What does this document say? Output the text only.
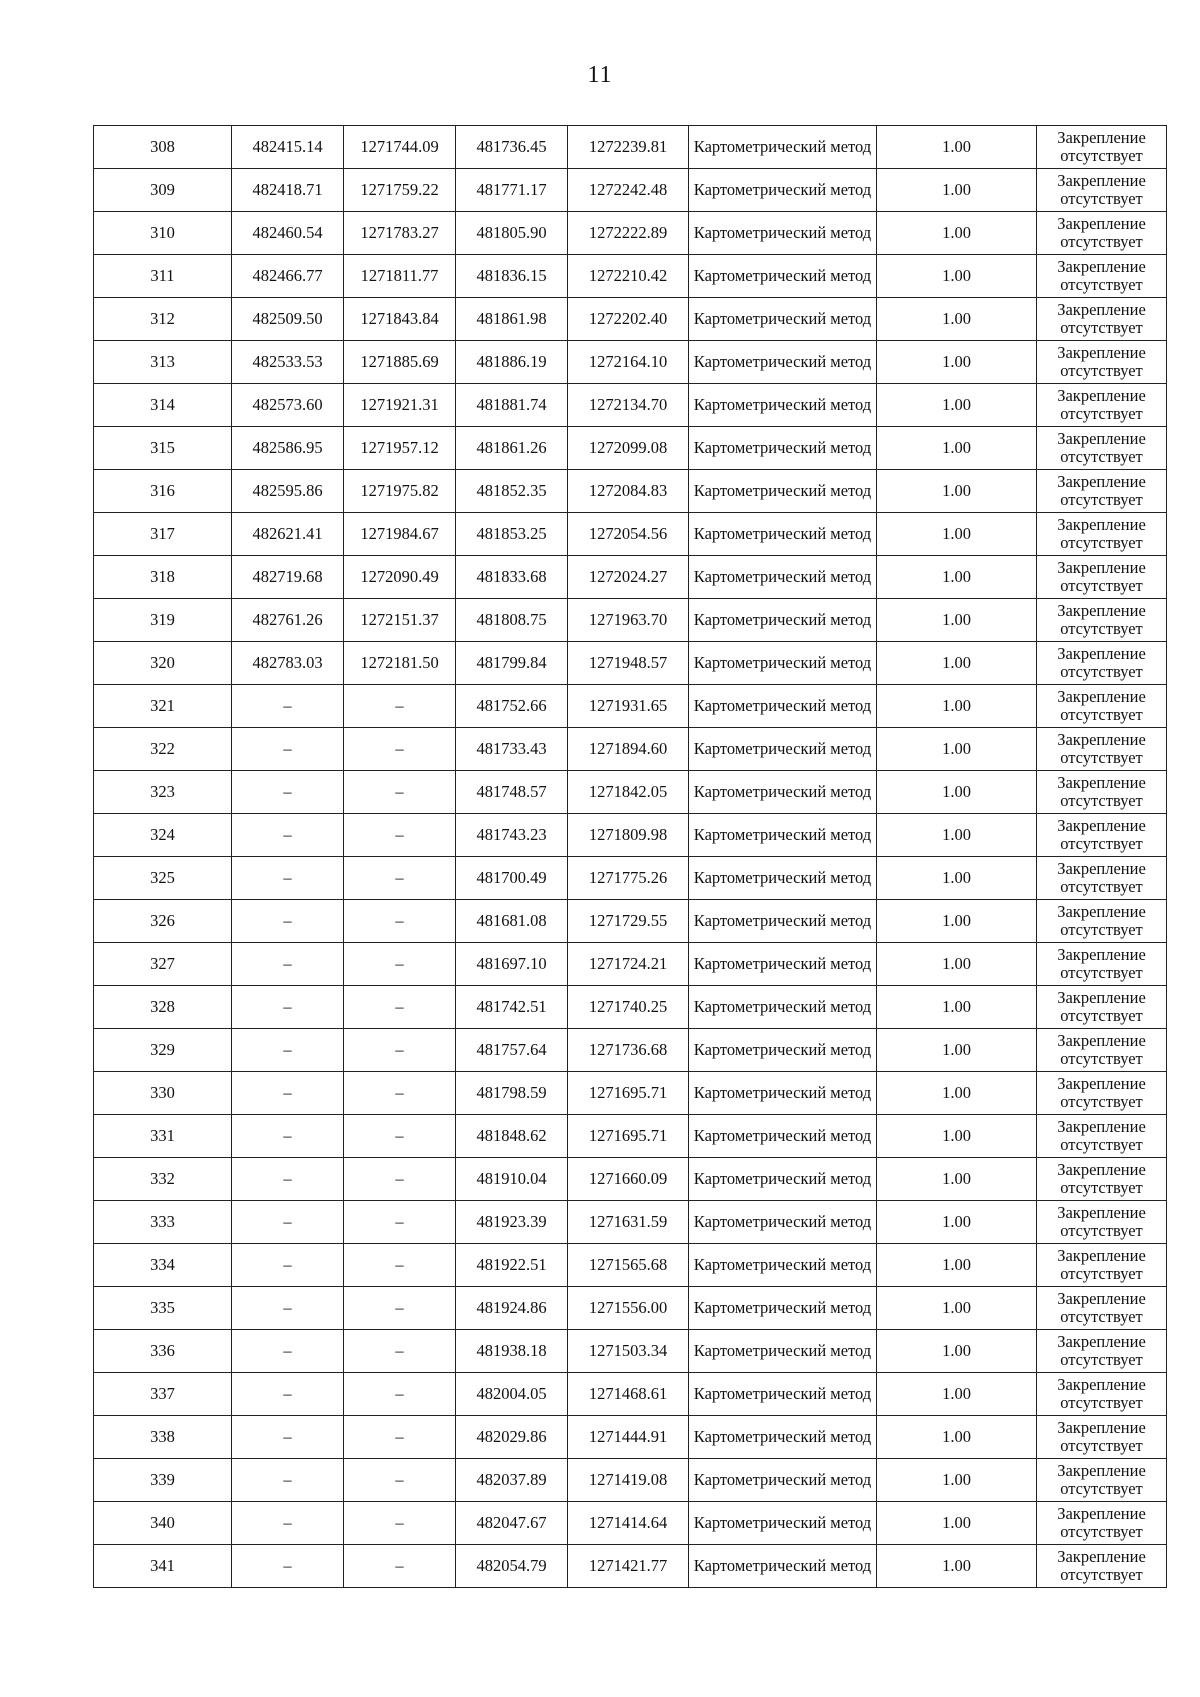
11
308	482415.14	1271744.09	481736.45	1272239.81	Картометрический метод	1.00	Закрепление отсутствует
309	482418.71	1271759.22	481771.17	1272242.48	Картометрический метод	1.00	Закрепление отсутствует
310	482460.54	1271783.27	481805.90	1272222.89	Картометрический метод	1.00	Закрепление отсутствует
311	482466.77	1271811.77	481836.15	1272210.42	Картометрический метод	1.00	Закрепление отсутствует
312	482509.50	1271843.84	481861.98	1272202.40	Картометрический метод	1.00	Закрепление отсутствует
313	482533.53	1271885.69	481886.19	1272164.10	Картометрический метод	1.00	Закрепление отсутствует
314	482573.60	1271921.31	481881.74	1272134.70	Картометрический метод	1.00	Закрепление отсутствует
315	482586.95	1271957.12	481861.26	1272099.08	Картометрический метод	1.00	Закрепление отсутствует
316	482595.86	1271975.82	481852.35	1272084.83	Картометрический метод	1.00	Закрепление отсутствует
317	482621.41	1271984.67	481853.25	1272054.56	Картометрический метод	1.00	Закрепление отсутствует
318	482719.68	1272090.49	481833.68	1272024.27	Картометрический метод	1.00	Закрепление отсутствует
319	482761.26	1272151.37	481808.75	1271963.70	Картометрический метод	1.00	Закрепление отсутствует
320	482783.03	1272181.50	481799.84	1271948.57	Картометрический метод	1.00	Закрепление отсутствует
321	–	–	481752.66	1271931.65	Картометрический метод	1.00	Закрепление отсутствует
322	–	–	481733.43	1271894.60	Картометрический метод	1.00	Закрепление отсутствует
323	–	–	481748.57	1271842.05	Картометрический метод	1.00	Закрепление отсутствует
324	–	–	481743.23	1271809.98	Картометрический метод	1.00	Закрепление отсутствует
325	–	–	481700.49	1271775.26	Картометрический метод	1.00	Закрепление отсутствует
326	–	–	481681.08	1271729.55	Картометрический метод	1.00	Закрепление отсутствует
327	–	–	481697.10	1271724.21	Картометрический метод	1.00	Закрепление отсутствует
328	–	–	481742.51	1271740.25	Картометрический метод	1.00	Закрепление отсутствует
329	–	–	481757.64	1271736.68	Картометрический метод	1.00	Закрепление отсутствует
330	–	–	481798.59	1271695.71	Картометрический метод	1.00	Закрепление отсутствует
331	–	–	481848.62	1271695.71	Картометрический метод	1.00	Закрепление отсутствует
332	–	–	481910.04	1271660.09	Картометрический метод	1.00	Закрепление отсутствует
333	–	–	481923.39	1271631.59	Картометрический метод	1.00	Закрепление отсутствует
334	–	–	481922.51	1271565.68	Картометрический метод	1.00	Закрепление отсутствует
335	–	–	481924.86	1271556.00	Картометрический метод	1.00	Закрепление отсутствует
336	–	–	481938.18	1271503.34	Картометрический метод	1.00	Закрепление отсутствует
337	–	–	482004.05	1271468.61	Картометрический метод	1.00	Закрепление отсутствует
338	–	–	482029.86	1271444.91	Картометрический метод	1.00	Закрепление отсутствует
339	–	–	482037.89	1271419.08	Картометрический метод	1.00	Закрепление отсутствует
340	–	–	482047.67	1271414.64	Картометрический метод	1.00	Закрепление отсутствует
341	–	–	482054.79	1271421.77	Картометрический метод	1.00	Закрепление отсутствует
